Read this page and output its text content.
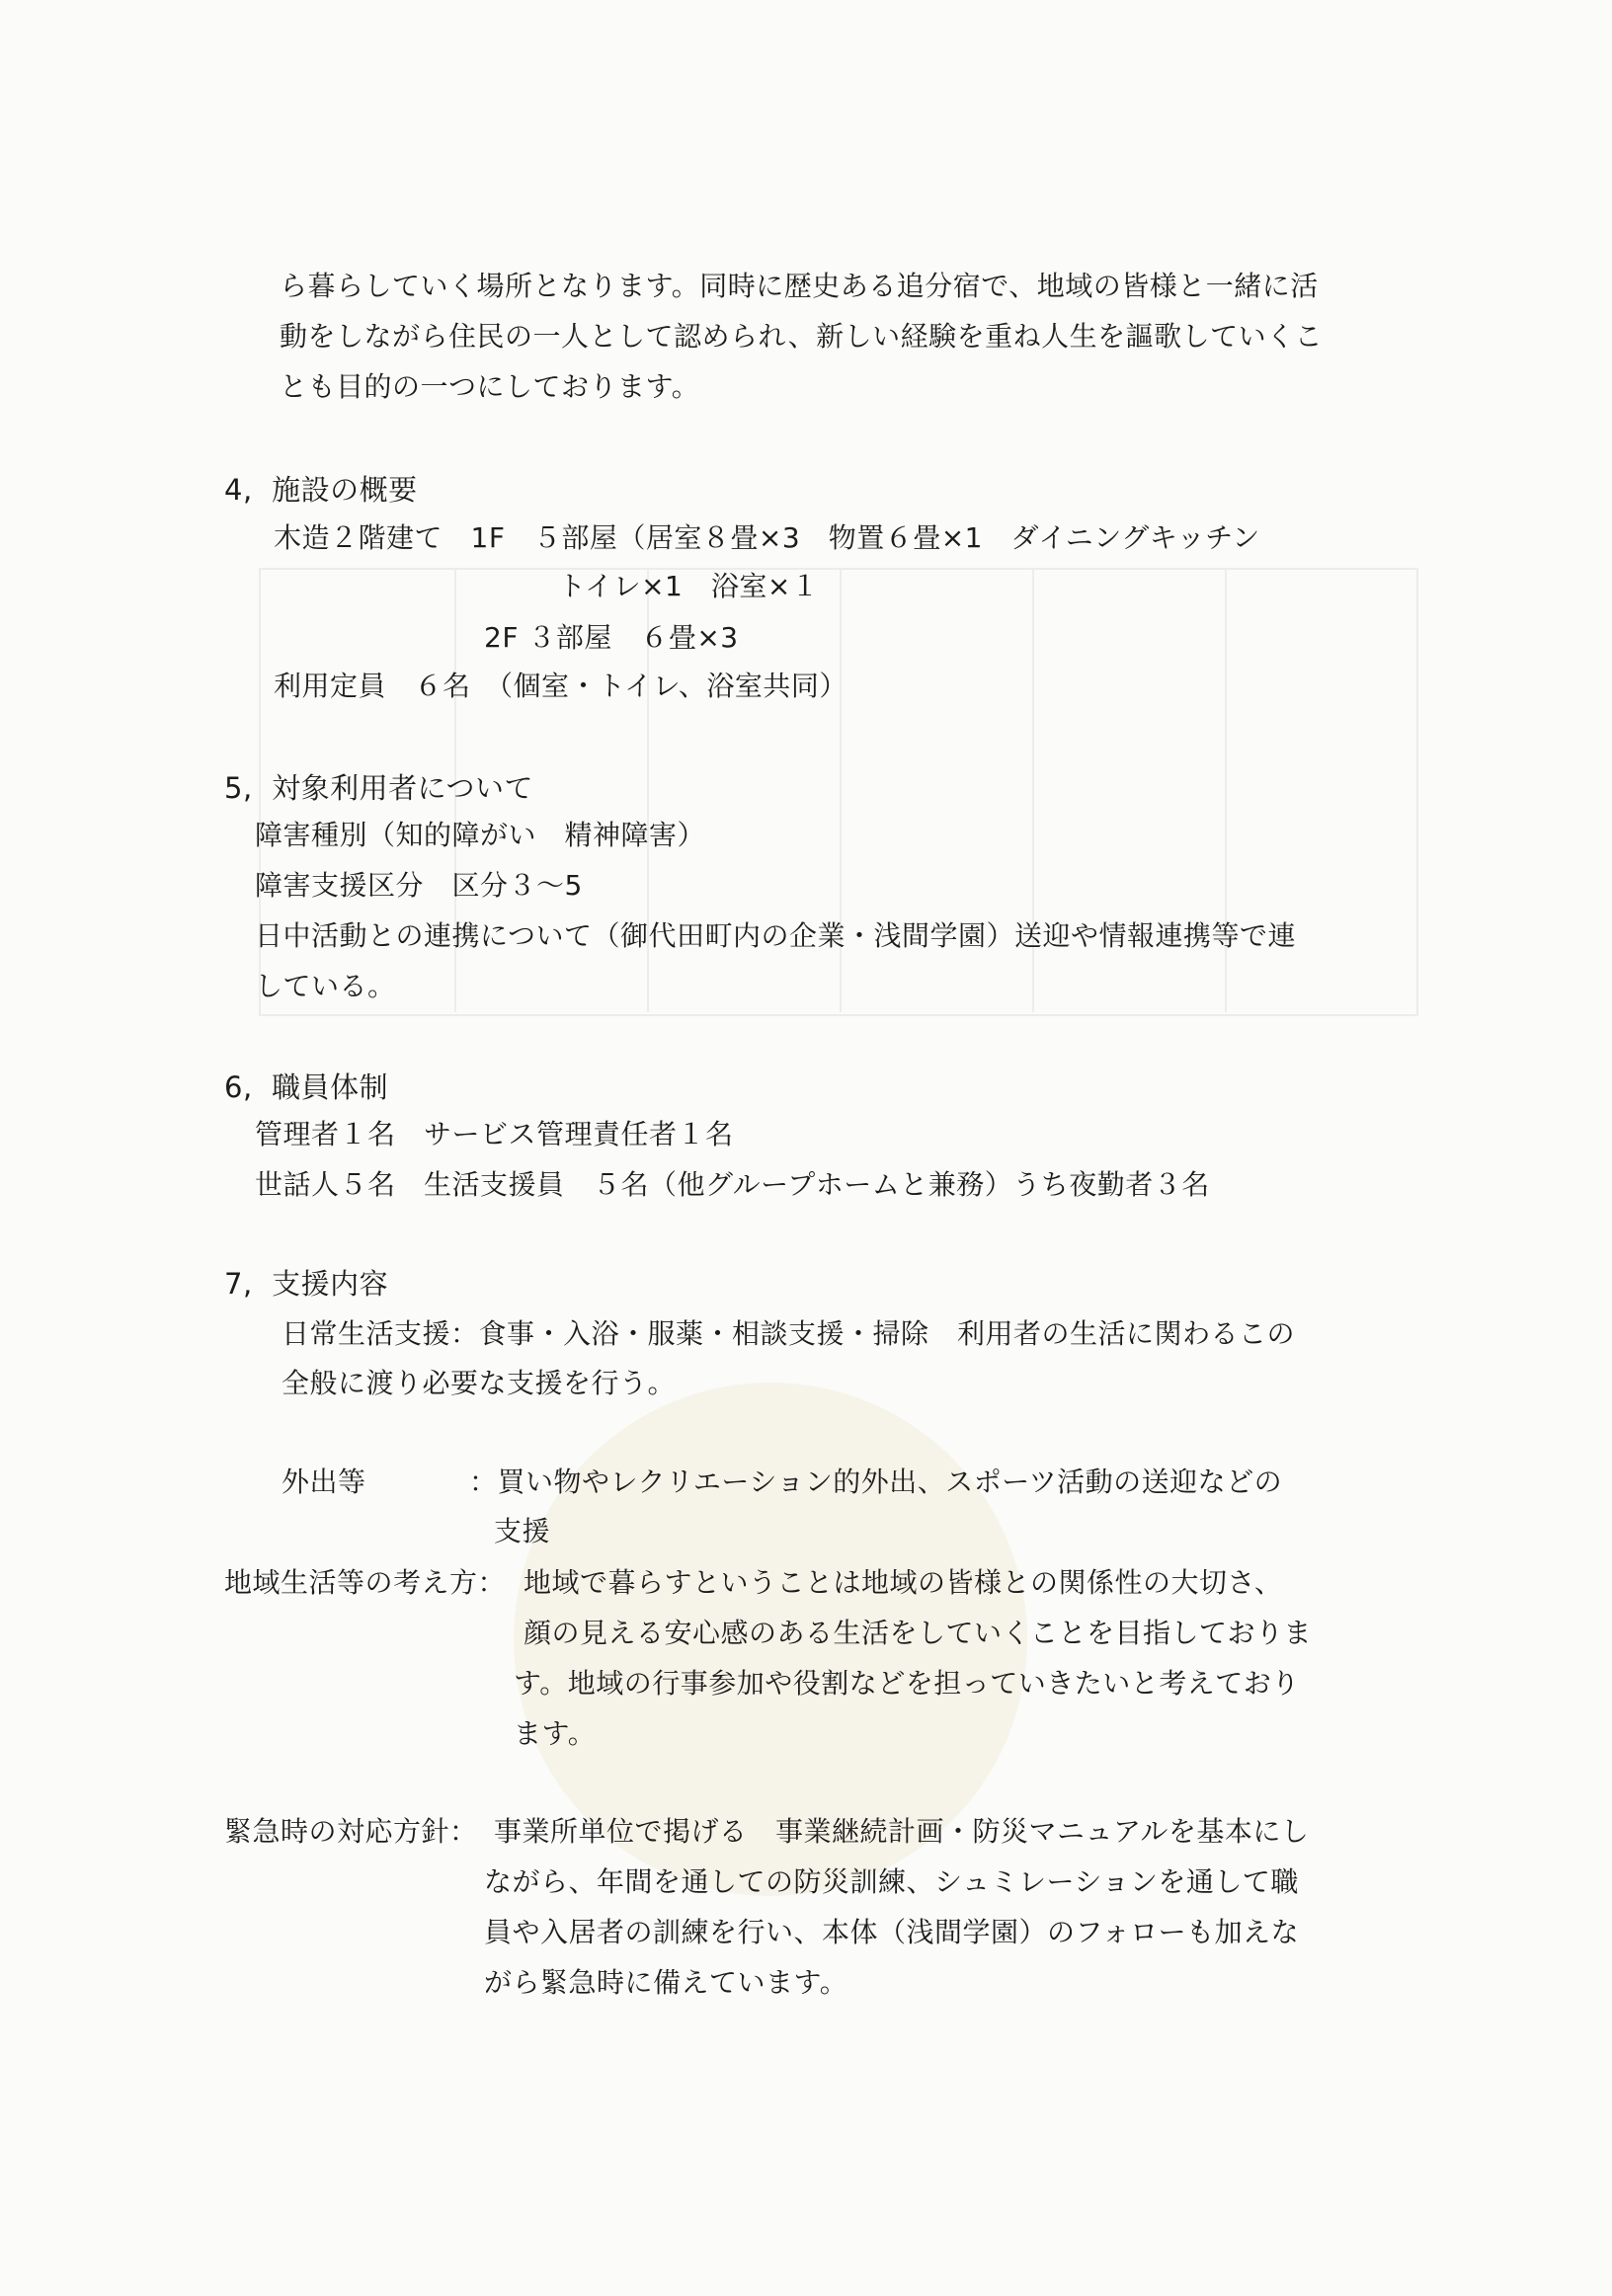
ら暮らしていく場所となります。同時に歴史ある追分宿で、地域の皆様と一緒に活
動をしながら住民の一人として認められ、新しい経験を重ね人生を謳歌していくこ
とも目的の一つにしております。
4,  施設の概要
木造２階建て　1F　５部屋（居室８畳×3　物置６畳×1　ダイニングキッチン
トイレ×1　浴室×１
2F ３部屋　６畳×3
利用定員　６名　（個室・トイレ、浴室共同）
5,  対象利用者について
障害種別（知的障がい　精神障害）
障害支援区分　区分３～5
日中活動との連携について（御代田町内の企業・浅間学園）送迎や情報連携等で連
している。
6,  職員体制
管理者１名　サービス管理責任者１名
世話人５名　生活支援員　５名（他グループホームと兼務）うち夜勤者３名
7,  支援内容
日常生活支援：食事・入浴・服薬・相談支援・掃除　利用者の生活に関わるこの
全般に渡り必要な支援を行う。
外出等	：買い物やレクリエーション的外出、スポーツ活動の送迎などの
支援
地域生活等の考え方： 地域で暮らすということは地域の皆様との関係性の大切さ、
顔の見える安心感のある生活をしていくことを目指しておりま
す。地域の行事参加や役割などを担っていきたいと考えており
ます。
緊急時の対応方針： 事業所単位で掲げる　事業継続計画・防災マニュアルを基本にし
ながら、年間を通しての防災訓練、シュミレーションを通して職
員や入居者の訓練を行い、本体（浅間学園）のフォローも加えな
がら緊急時に備えています。
